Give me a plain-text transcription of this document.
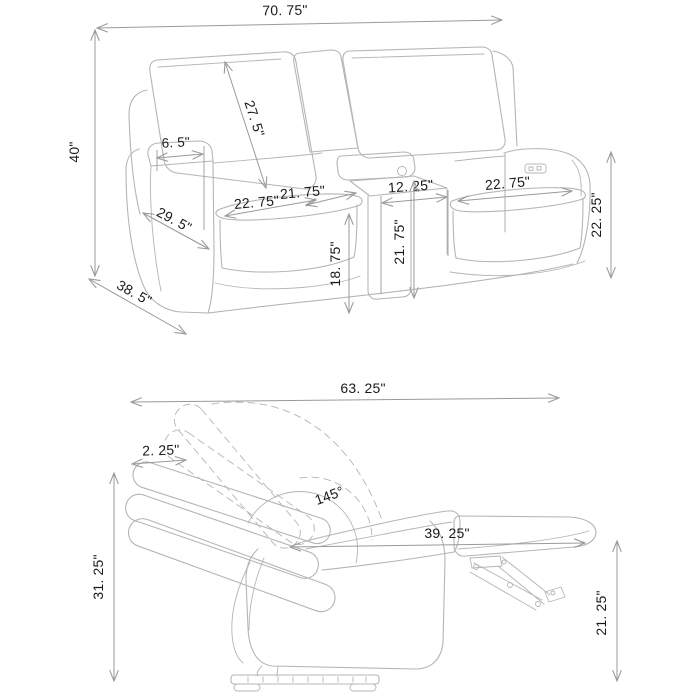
70. 75"
40"
27. 5"
6. 5"
29. 5"
22. 75"
21. 75"	12. 25"
21. 75"
18. 75"
22. 75"
22. 25"
38. 5"
63. 25"
2. 25"
145°
39. 25"
31. 25"
21. 25"
